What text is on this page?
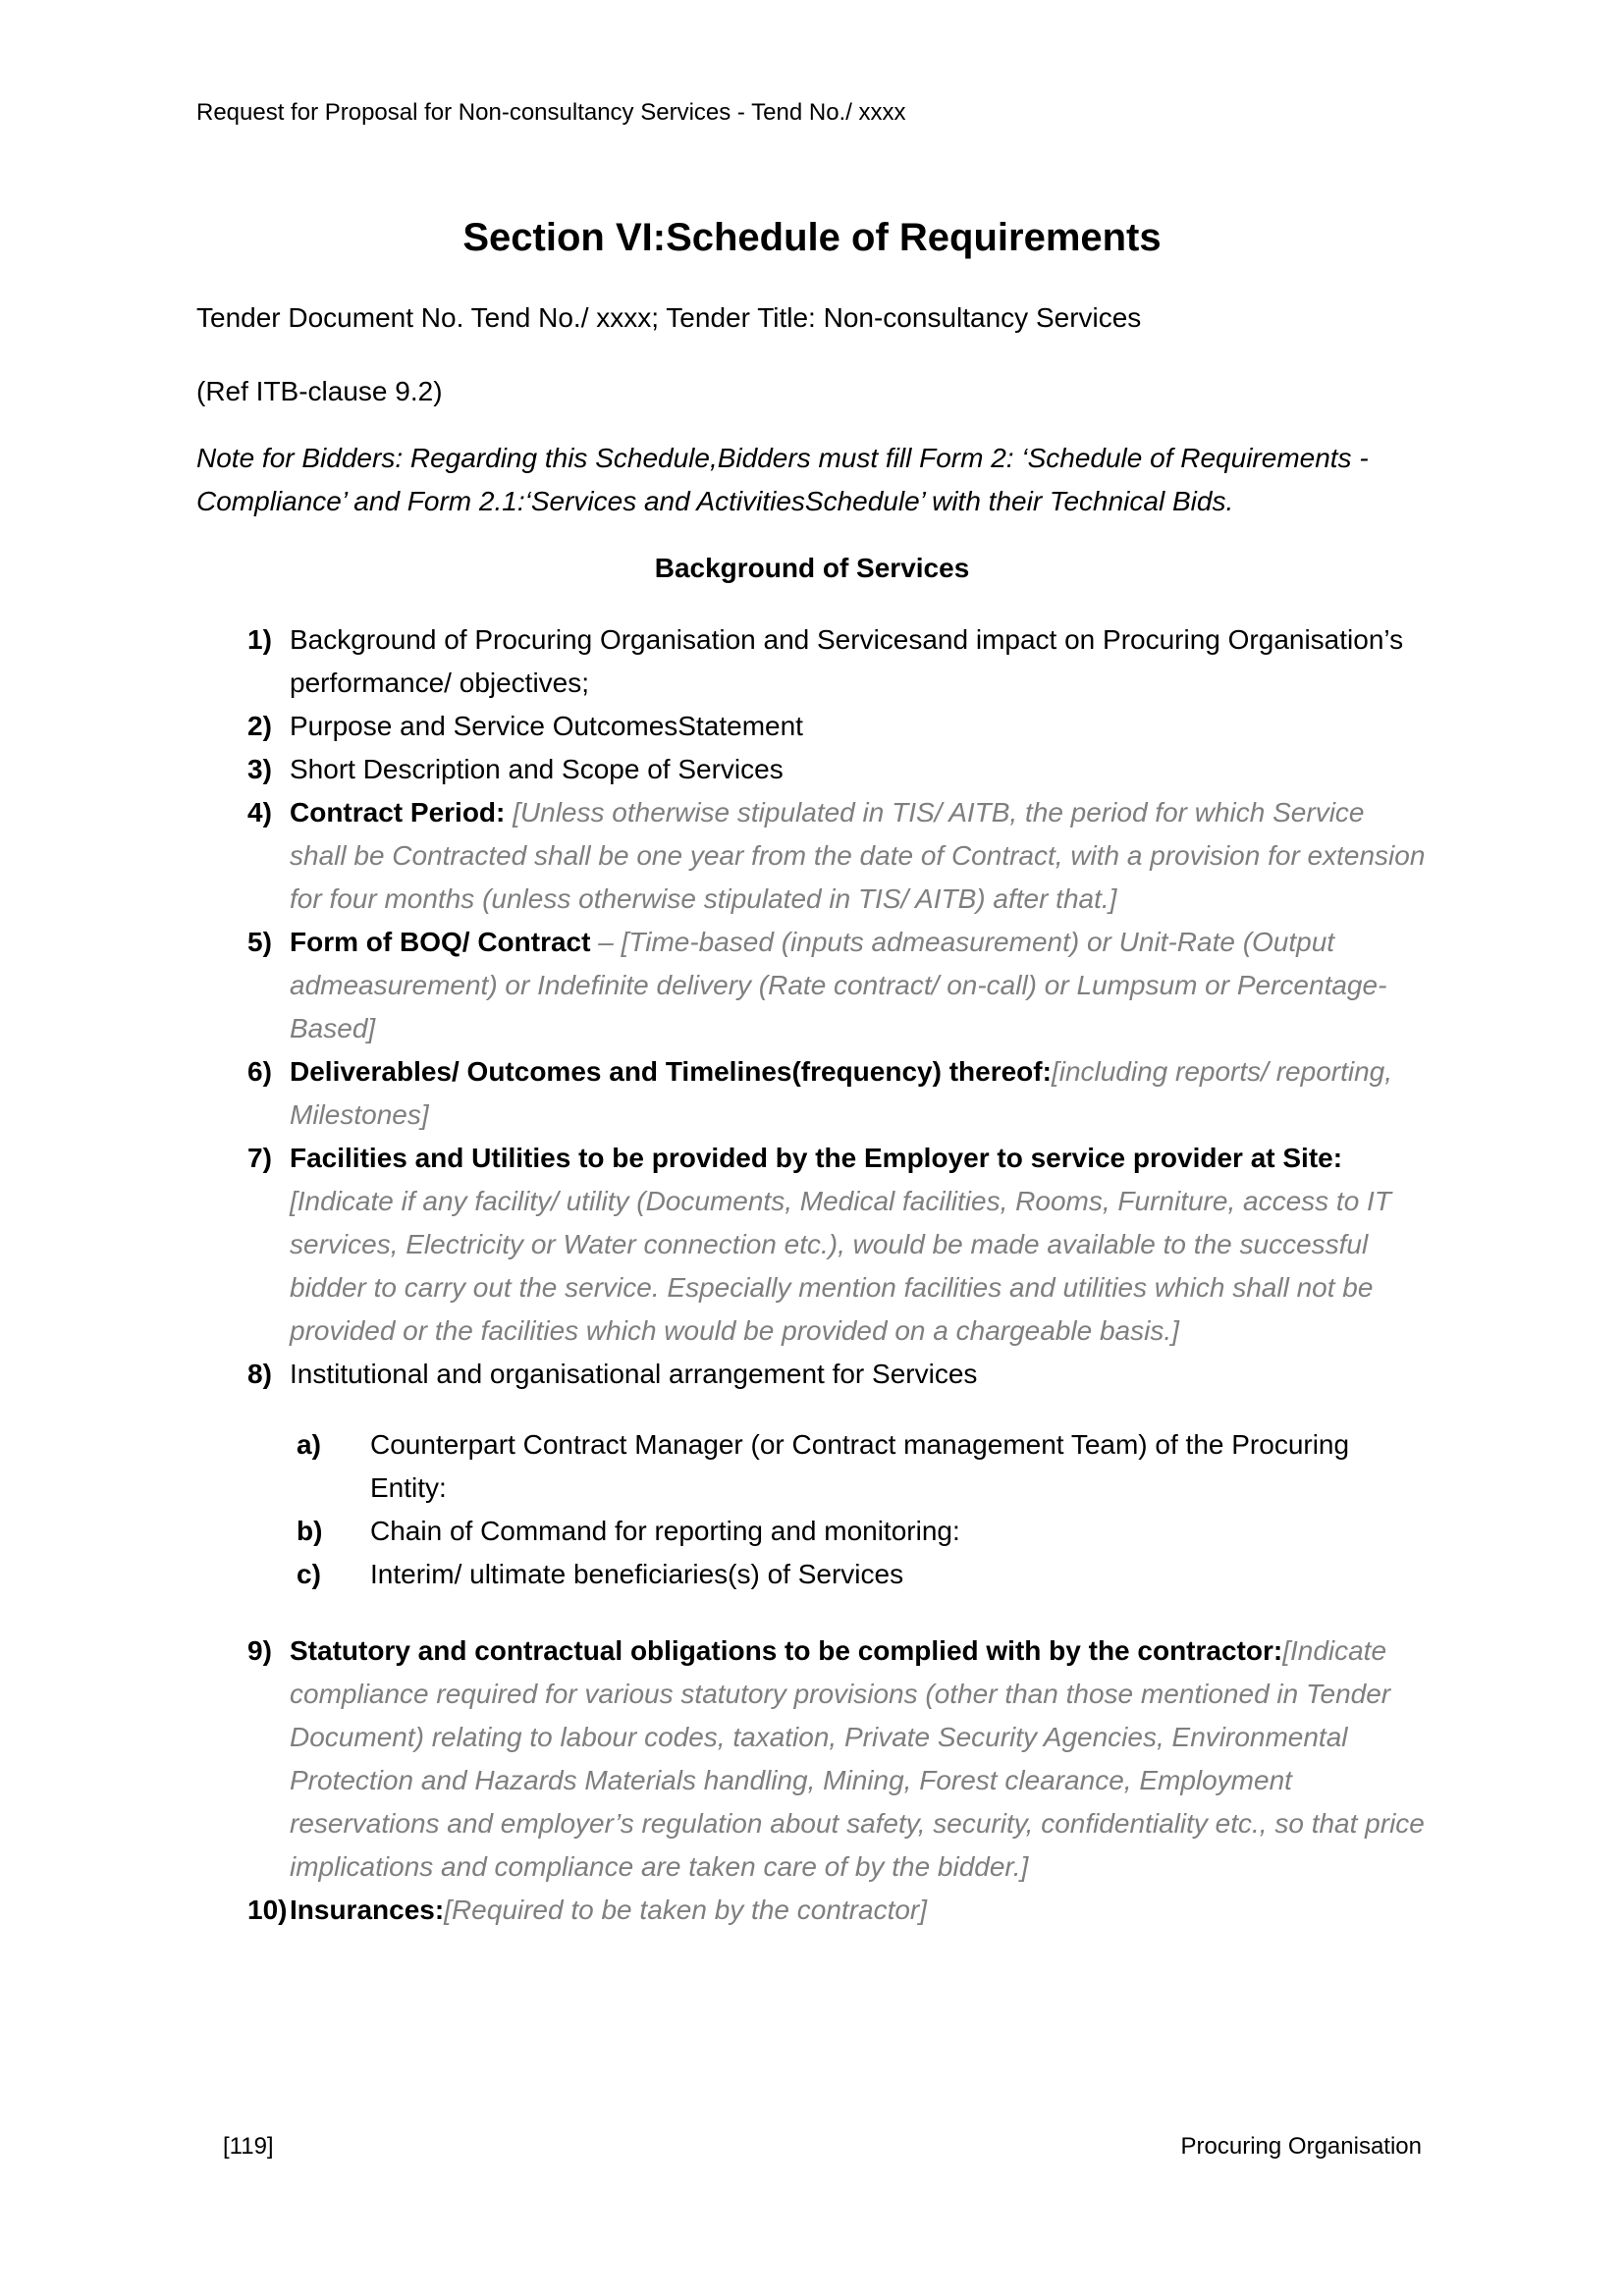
Request for Proposal for Non-consultancy Services - Tend No./ xxxx
Section VI:Schedule of Requirements

Tender Document No. Tend No./ xxxx; Tender Title: Non-consultancy Services

(Ref ITB-clause 9.2)

Note for Bidders: Regarding this Schedule,Bidders must fill Form 2: ‘Schedule of Requirements - Compliance’ and Form 2.1:‘Services and ActivitiesSchedule’ with their Technical Bids.

Background of Services
1) Background of Procuring Organisation and Servicesand impact on Procuring Organisation’s performance/ objectives;
2) Purpose and Service OutcomesStatement
3) Short Description and Scope of Services
4) Contract Period: [Unless otherwise stipulated in TIS/ AITB, the period for which Service shall be Contracted shall be one year from the date of Contract, with a provision for extension for four months (unless otherwise stipulated in TIS/ AITB) after that.]
5) Form of BOQ/ Contract – [Time-based (inputs admeasurement) or Unit-Rate (Output admeasurement) or Indefinite delivery (Rate contract/ on-call) or Lumpsum or Percentage-Based]
6) Deliverables/ Outcomes and Timelines(frequency) thereof:[including reports/ reporting, Milestones]
7) Facilities and Utilities to be provided by the Employer to service provider at Site: [Indicate if any facility/ utility (Documents, Medical facilities, Rooms, Furniture, access to IT services, Electricity or Water connection etc.), would be made available to the successful bidder to carry out the service. Especially mention facilities and utilities which shall not be provided or the facilities which would be provided on a chargeable basis.]
8) Institutional and organisational arrangement for Services
a) Counterpart Contract Manager (or Contract management Team) of the Procuring Entity:
b) Chain of Command for reporting and monitoring:
c) Interim/ ultimate beneficiaries(s) of Services
9) Statutory and contractual obligations to be complied with by the contractor:[Indicate compliance required for various statutory provisions (other than those mentioned in Tender Document) relating to labour codes, taxation, Private Security Agencies, Environmental Protection and Hazards Materials handling, Mining, Forest clearance, Employment reservations and employer’s regulation about safety, security, confidentiality etc., so that price implications and compliance are taken care of by the bidder.]
10) Insurances:[Required to be taken by the contractor]
[119]	Procuring Organisation
